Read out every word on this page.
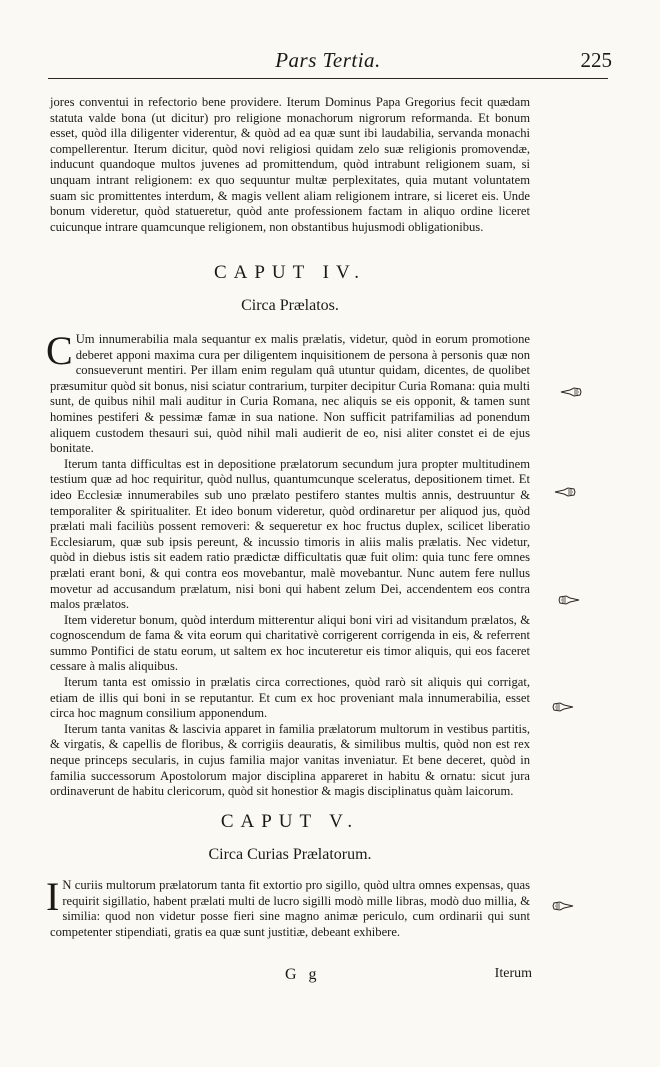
Pars Tertia.	225

jores conventui in refectorio bene providere. Iterum Dominus Papa Gregorius fecit quædam statuta valde bona (ut dicitur) pro religione monachorum nigrorum reformanda. Et bonum esset, quòd illa diligenter viderentur, & quòd ad ea quæ sunt ibi laudabilia, servanda monachi compellerentur. Iterum dicitur, quòd novi religiosi quidam zelo suæ religionis promovendæ, inducunt quandoque multos juvenes ad promittendum, quòd intrabunt religionem suam, si unquam intrant religionem: ex quo sequuntur multæ perplexitates, quia mutant voluntatem suam sic promittentes interdum, & magis vellent aliam religionem intrare, si liceret eis. Unde bonum videretur, quòd statueretur, quòd ante professionem factam in aliquo ordine liceret cuicunque intrare quamcunque religionem, non obstantibus hujusmodi obligationibus.

CAPUT IV.
Circa Prælatos.

C Um innumerabilia mala sequantur ex malis prælatis, videtur, quòd in eorum promotione deberet apponi maxima cura per diligentem inquisitionem de persona à personis quæ non consueverunt mentiri. Per illam enim regulam quâ utuntur quidam, dicentes, de quolibet præsumitur quòd sit bonus, nisi sciatur contrarium, turpiter decipitur Curia Romana: quia multi sunt, de quibus nihil mali auditur in Curia Romana, nec aliquis se eis opponit, & tamen sunt homines pestiferi & pessimæ famæ in sua natione. Non sufficit patrifamilias ad ponendum aliquem custodem thesauri sui, quòd nihil mali audierit de eo, nisi aliter constet ei de ejus bonitate.

Iterum tanta difficultas est in depositione prælatorum secundum jura propter multitudinem testium quæ ad hoc requiritur, quòd nullus, quantumcunque sceleratus, depositionem timet. Et ideo Ecclesiæ innumerabiles sub uno prælato pestifero stantes multis annis, destruuntur & temporaliter & spiritualiter. Et ideo bonum videretur, quòd ordinaretur per aliquod jus, quòd prælati mali faciliùs possent removeri: & sequeretur ex hoc fructus duplex, scilicet liberatio Ecclesiarum, quæ sub ipsis pereunt, & incussio timoris in aliis malis prælatis. Nec videtur, quòd in diebus istis sit eadem ratio prædictæ difficultatis quæ fuit olim: quia tunc fere omnes prælati erant boni, & qui contra eos movebantur, malè movebantur. Nunc autem fere nullus movetur ad accusandum prælatum, nisi boni qui habent zelum Dei, accendentem eos contra malos prælatos.

Item videretur bonum, quòd interdum mitterentur aliqui boni viri ad visitandum prælatos, & cognoscendum de fama & vita eorum qui charitativè corrigerent corrigenda in eis, & referrent summo Pontifici de statu eorum, ut saltem ex hoc incuteretur eis timor aliquis, qui eos faceret cessare à malis aliquibus.

Iterum tanta est omissio in prælatis circa correctiones, quòd rarò sit aliquis qui corrigat, etiam de illis qui boni in se reputantur. Et cum ex hoc proveniant mala innumerabilia, esset circa hoc magnum consilium apponendum.

Iterum tanta vanitas & lascivia apparet in familia prælatorum multorum in vestibus partitis, & virgatis, & capellis de floribus, & corrigiis deauratis, & similibus multis, quòd non est rex neque princeps secularis, in cujus familia major vanitas inveniatur. Et bene deceret, quòd in familia successorum Apostolorum major disciplina appareret in habitu & ornatu: sicut jura ordinaverunt de habitu clericorum, quòd sit honestior & magis disciplinatus quàm laicorum.

CAPUT V.
Circa Curias Prælatorum.

I N curiis multorum prælatorum tanta fit extortio pro sigillo, quòd ultra omnes expensas, quas requirit sigillatio, habent prælati multi de lucro sigilli modò mille libras, modò duo millia, & similia: quod non videtur posse fieri sine magno animæ periculo, cum ordinarii qui sunt competenter stipendiati, gratis ea quæ sunt justitiæ, debeant exhibere.

G g	Iterum
